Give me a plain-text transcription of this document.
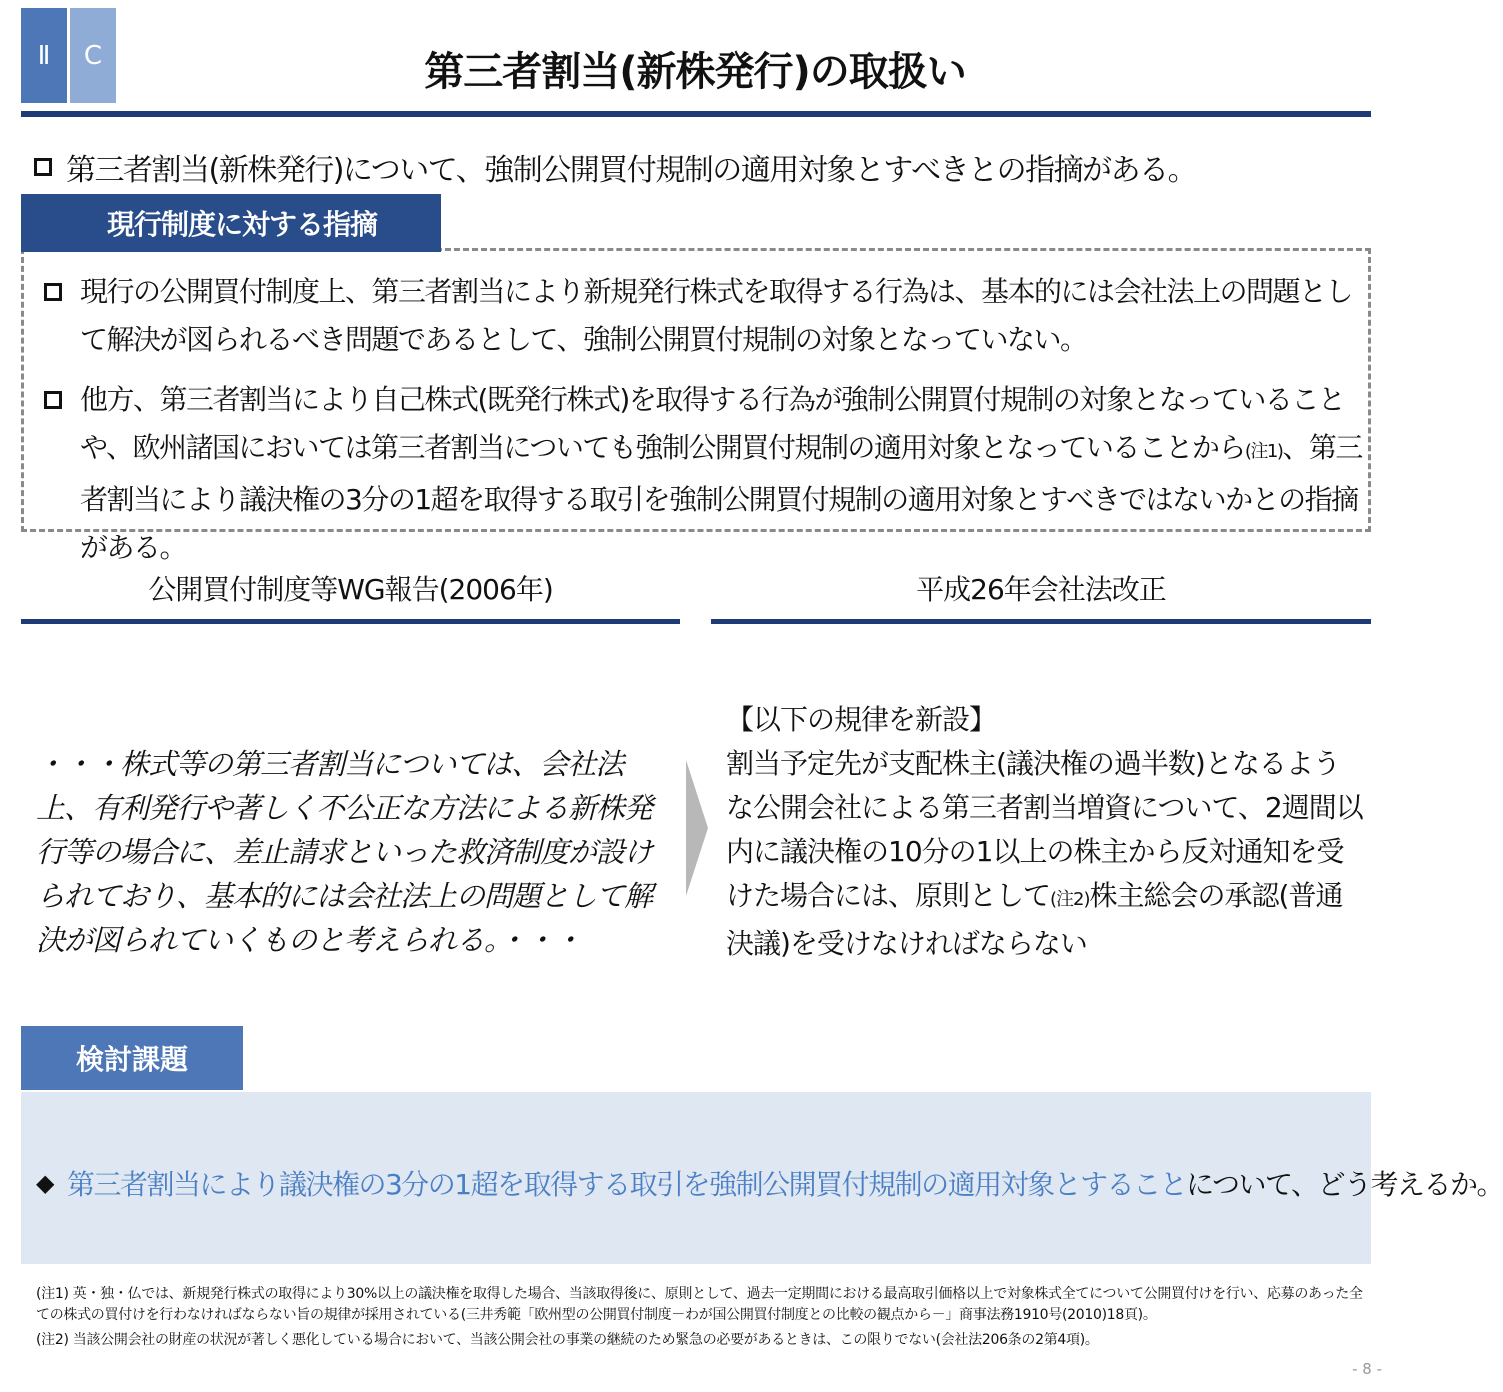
Ⅱ	C	第三者割当(新株発行)の取扱い
第三者割当(新株発行)について、強制公開買付規制の適用対象とすべきとの指摘がある。
現行制度に対する指摘
現行の公開買付制度上、第三者割当により新規発行株式を取得する行為は、基本的には会社法上の問題として解決が図られるべき問題であるとして、強制公開買付規制の対象となっていない。
他方、第三者割当により自己株式(既発行株式)を取得する行為が強制公開買付規制の対象となっていることや、欧州諸国においては第三者割当についても強制公開買付規制の適用対象となっていることから(注1)、第三者割当により議決権の3分の1超を取得する取引を強制公開買付規制の適用対象とすべきではないかとの指摘がある。
公開買付制度等WG報告(2006年)	平成26年会社法改正
・・・株式等の第三者割当については、会社法上、有利発行や著しく不公正な方法による新株発行等の場合に、差止請求といった救済制度が設けられており、基本的には会社法上の問題として解決が図られていくものと考えられる。・・・
【以下の規律を新設】
割当予定先が支配株主(議決権の過半数)となるような公開会社による第三者割当増資について、2週間以内に議決権の10分の1以上の株主から反対通知を受けた場合には、原則として(注2)株主総会の承認(普通決議)を受けなければならない
検討課題
◆ 第三者割当により議決権の3分の1超を取得する取引を強制公開買付規制の適用対象とすることについて、どう考えるか。
(注1) 英・独・仏では、新規発行株式の取得により30%以上の議決権を取得した場合、当該取得後に、原則として、過去一定期間における最高取引価格以上で対象株式全てについて公開買付けを行い、応募のあった全ての株式の買付けを行わなければならない旨の規律が採用されている(三井秀範「欧州型の公開買付制度－わが国公開買付制度との比較の観点から－」商事法務1910号(2010)18頁)。
(注2) 当該公開会社の財産の状況が著しく悪化している場合において、当該公開会社の事業の継続のため緊急の必要があるときは、この限りでない(会社法206条の2第4項)。
- 8 -
